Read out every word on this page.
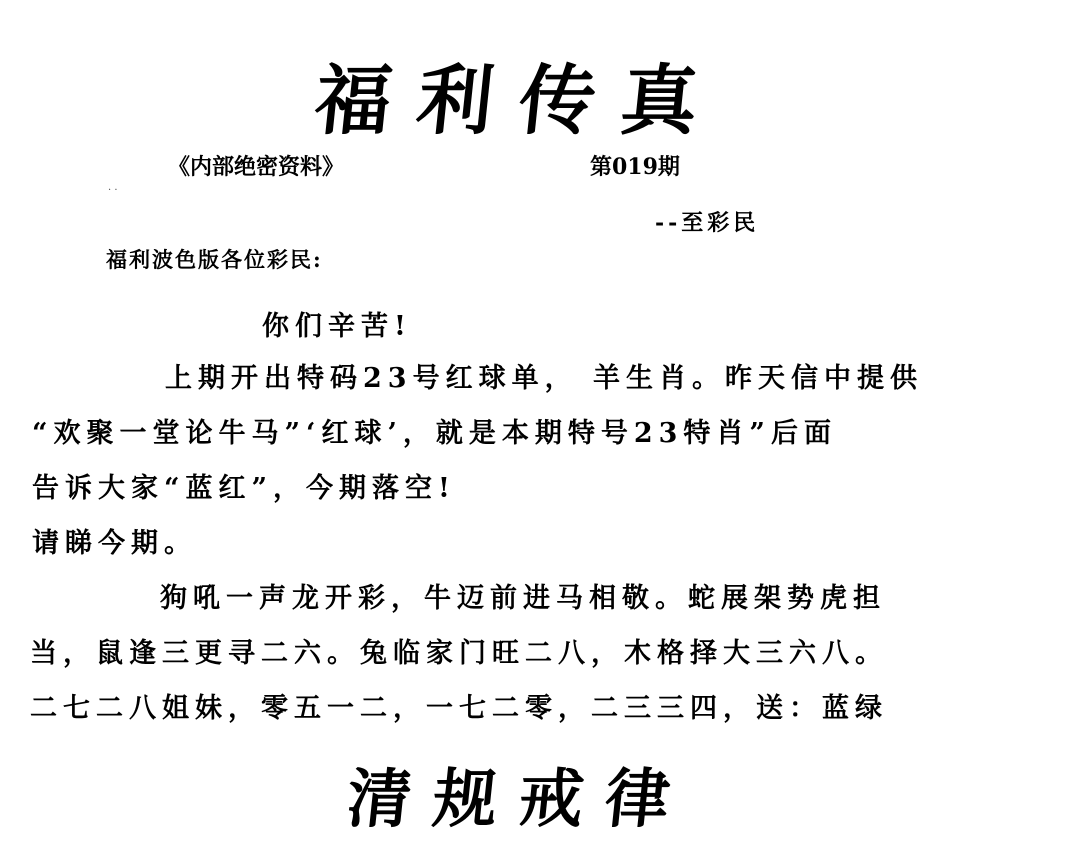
福利传真
《内部绝密资料》	第019期
· ·
--至彩民
福利波色版各位彩民:
你们辛苦!
上期开出特码23号红球单， 羊生肖。昨天信中提供
“欢聚一堂论牛马”‘红球’，就是本期特号23特肖”后面
告诉大家“蓝红”，今期落空!
请睇今期。
狗吼一声龙开彩，牛迈前进马相敬。蛇展架势虎担
当，鼠逢三更寻二六。兔临家门旺二八，木格择大三六八。
二七二八姐妹，零五一二，一七二零，二三三四，送：蓝绿
清规戒律
